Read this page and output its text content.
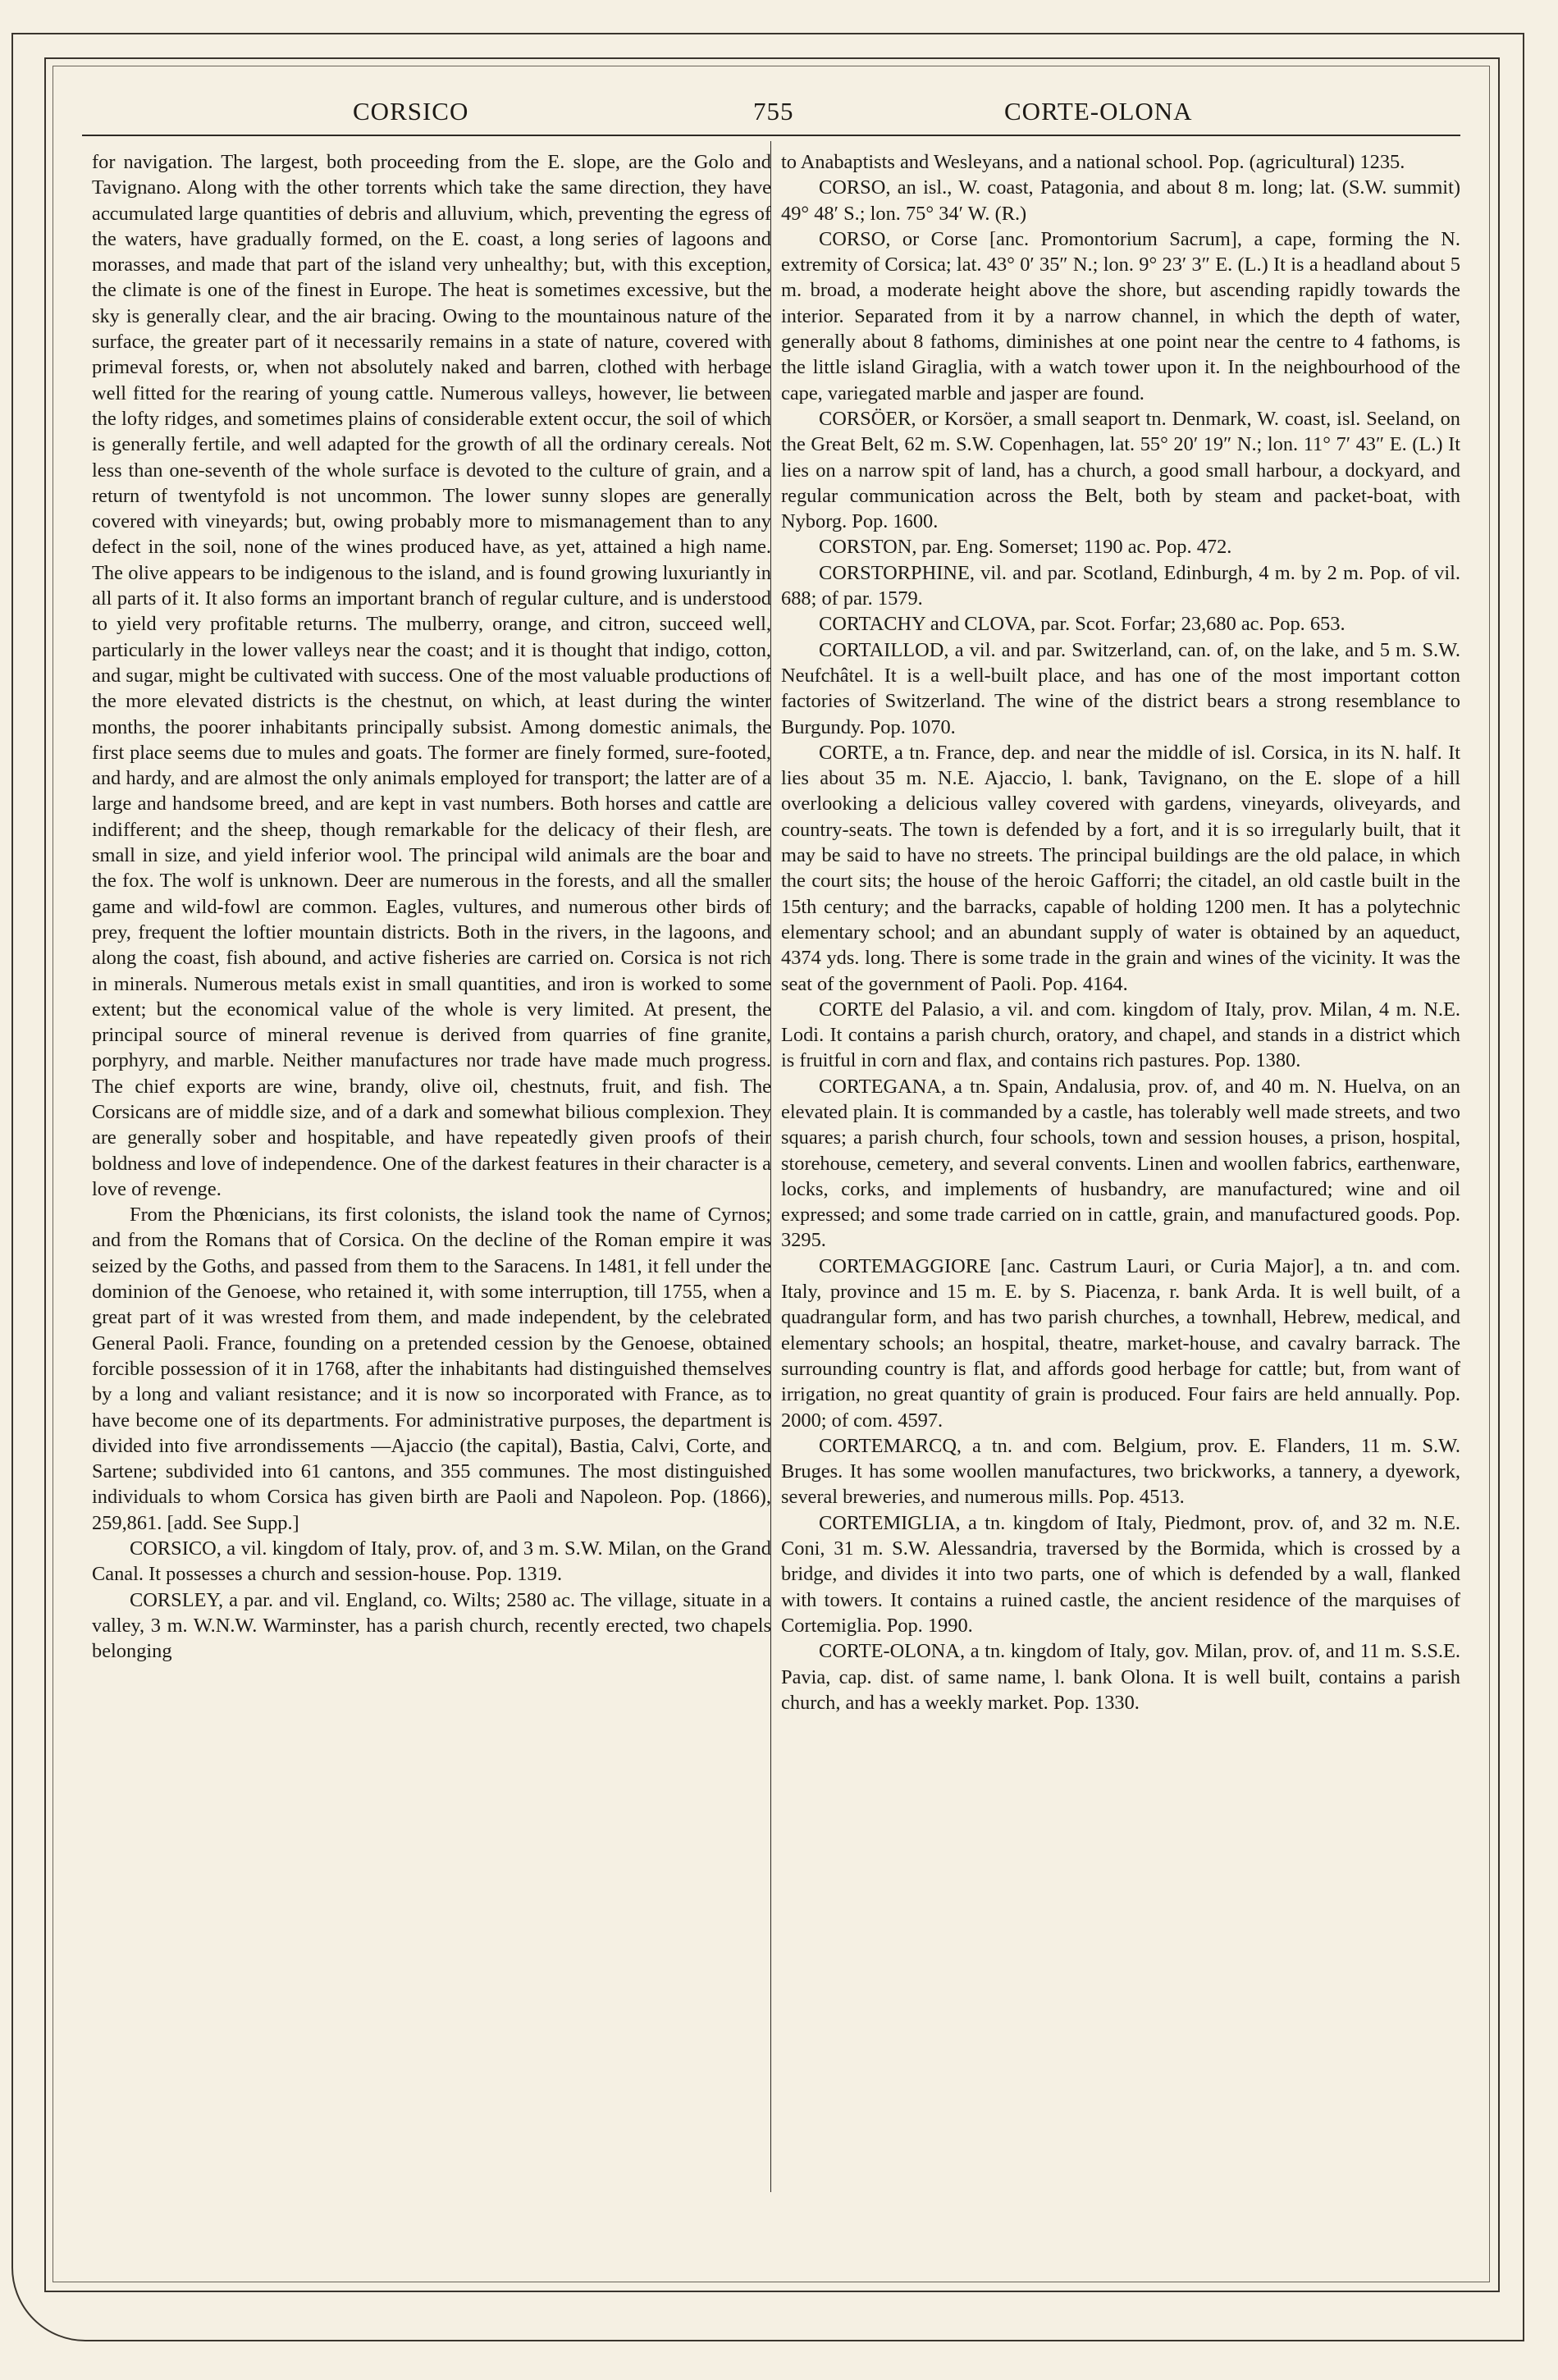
CORSICO	755	CORTE-OLONA

for navigation. The largest, both proceeding from the E. slope, are the Golo and Tavignano. Along with the other torrents which take the same direction, they have accumulated large quantities of debris and alluvium, which, preventing the egress of the waters, have gradually formed, on the E. coast, a long series of lagoons and morasses, and made that part of the island very unhealthy; but, with this exception, the climate is one of the finest in Europe. The heat is sometimes excessive, but the sky is generally clear, and the air bracing. Owing to the mountainous nature of the surface, the greater part of it necessarily remains in a state of nature, covered with primeval forests, or, when not absolutely naked and barren, clothed with herbage well fitted for the rearing of young cattle. Numerous valleys, however, lie between the lofty ridges, and sometimes plains of considerable extent occur, the soil of which is generally fertile, and well adapted for the growth of all the ordinary cereals. Not less than one-seventh of the whole surface is devoted to the culture of grain, and a return of twentyfold is not uncommon. The lower sunny slopes are generally covered with vineyards; but, owing probably more to mismanagement than to any defect in the soil, none of the wines produced have, as yet, attained a high name. The olive appears to be indigenous to the island, and is found growing luxuriantly in all parts of it. It also forms an important branch of regular culture, and is understood to yield very profitable returns. The mulberry, orange, and citron, succeed well, particularly in the lower valleys near the coast; and it is thought that indigo, cotton, and sugar, might be cultivated with success. One of the most valuable productions of the more elevated districts is the chestnut, on which, at least during the winter months, the poorer inhabitants principally subsist. Among domestic animals, the first place seems due to mules and goats. The former are finely formed, sure-footed, and hardy, and are almost the only animals employed for transport; the latter are of a large and handsome breed, and are kept in vast numbers. Both horses and cattle are indifferent; and the sheep, though remarkable for the delicacy of their flesh, are small in size, and yield inferior wool. The principal wild animals are the boar and the fox. The wolf is unknown. Deer are numerous in the forests, and all the smaller game and wild-fowl are common. Eagles, vultures, and numerous other birds of prey, frequent the loftier mountain districts. Both in the rivers, in the lagoons, and along the coast, fish abound, and active fisheries are carried on. Corsica is not rich in minerals. Numerous metals exist in small quantities, and iron is worked to some extent; but the economical value of the whole is very limited. At present, the principal source of mineral revenue is derived from quarries of fine granite, porphyry, and marble. Neither manufactures nor trade have made much progress. The chief exports are wine, brandy, olive oil, chestnuts, fruit, and fish. The Corsicans are of middle size, and of a dark and somewhat bilious complexion. They are generally sober and hospitable, and have repeatedly given proofs of their boldness and love of independence. One of the darkest features in their character is a love of revenge.

From the Phœnicians, its first colonists, the island took the name of Cyrnos; and from the Romans that of Corsica. On the decline of the Roman empire it was seized by the Goths, and passed from them to the Saracens. In 1481, it fell under the dominion of the Genoese, who retained it, with some interruption, till 1755, when a great part of it was wrested from them, and made independent, by the celebrated General Paoli. France, founding on a pretended cession by the Genoese, obtained forcible possession of it in 1768, after the inhabitants had distinguished themselves by a long and valiant resistance; and it is now so incorporated with France, as to have become one of its departments. For administrative purposes, the department is divided into five arrondissements —Ajaccio (the capital), Bastia, Calvi, Corte, and Sartene; subdivided into 61 cantons, and 355 communes. The most distinguished individuals to whom Corsica has given birth are Paoli and Napoleon. Pop. (1866), 259,861. [add. See Supp.]

CORSICO, a vil. kingdom of Italy, prov. of, and 3 m. S.W. Milan, on the Grand Canal. It possesses a church and session-house. Pop. 1319.

CORSLEY, a par. and vil. England, co. Wilts; 2580 ac. The village, situate in a valley, 3 m. W.N.W. Warminster, has a parish church, recently erected, two chapels belonging

to Anabaptists and Wesleyans, and a national school. Pop. (agricultural) 1235.

CORSO, an isl., W. coast, Patagonia, and about 8 m. long; lat. (S.W. summit) 49° 48′ S.; lon. 75° 34′ W. (R.)

CORSO, or Corse [anc. Promontorium Sacrum], a cape, forming the N. extremity of Corsica; lat. 43° 0′ 35″ N.; lon. 9° 23′ 3″ E. (L.) It is a headland about 5 m. broad, a moderate height above the shore, but ascending rapidly towards the interior. Separated from it by a narrow channel, in which the depth of water, generally about 8 fathoms, diminishes at one point near the centre to 4 fathoms, is the little island Giraglia, with a watch tower upon it. In the neighbourhood of the cape, variegated marble and jasper are found.

CORSÖER, or Korsöer, a small seaport tn. Denmark, W. coast, isl. Seeland, on the Great Belt, 62 m. S.W. Copenhagen, lat. 55° 20′ 19″ N.; lon. 11° 7′ 43″ E. (L.) It lies on a narrow spit of land, has a church, a good small harbour, a dockyard, and regular communication across the Belt, both by steam and packet-boat, with Nyborg. Pop. 1600.

CORSTON, par. Eng. Somerset; 1190 ac. Pop. 472.

CORSTORPHINE, vil. and par. Scotland, Edinburgh, 4 m. by 2 m. Pop. of vil. 688; of par. 1579.

CORTACHY and CLOVA, par. Scot. Forfar; 23,680 ac. Pop. 653.

CORTAILLOD, a vil. and par. Switzerland, can. of, on the lake, and 5 m. S.W. Neufchâtel. It is a well-built place, and has one of the most important cotton factories of Switzerland. The wine of the district bears a strong resemblance to Burgundy. Pop. 1070.

CORTE, a tn. France, dep. and near the middle of isl. Corsica, in its N. half. It lies about 35 m. N.E. Ajaccio, l. bank, Tavignano, on the E. slope of a hill overlooking a delicious valley covered with gardens, vineyards, oliveyards, and country-seats. The town is defended by a fort, and it is so irregularly built, that it may be said to have no streets. The principal buildings are the old palace, in which the court sits; the house of the heroic Gafforri; the citadel, an old castle built in the 15th century; and the barracks, capable of holding 1200 men. It has a polytechnic elementary school; and an abundant supply of water is obtained by an aqueduct, 4374 yds. long. There is some trade in the grain and wines of the vicinity. It was the seat of the government of Paoli. Pop. 4164.

CORTE del Palasio, a vil. and com. kingdom of Italy, prov. Milan, 4 m. N.E. Lodi. It contains a parish church, oratory, and chapel, and stands in a district which is fruitful in corn and flax, and contains rich pastures. Pop. 1380.

CORTEGANA, a tn. Spain, Andalusia, prov. of, and 40 m. N. Huelva, on an elevated plain. It is commanded by a castle, has tolerably well made streets, and two squares; a parish church, four schools, town and session houses, a prison, hospital, storehouse, cemetery, and several convents. Linen and woollen fabrics, earthenware, locks, corks, and implements of husbandry, are manufactured; wine and oil expressed; and some trade carried on in cattle, grain, and manufactured goods. Pop. 3295.

CORTEMAGGIORE [anc. Castrum Lauri, or Curia Major], a tn. and com. Italy, province and 15 m. E. by S. Piacenza, r. bank Arda. It is well built, of a quadrangular form, and has two parish churches, a townhall, Hebrew, medical, and elementary schools; an hospital, theatre, market-house, and cavalry barrack. The surrounding country is flat, and affords good herbage for cattle; but, from want of irrigation, no great quantity of grain is produced. Four fairs are held annually. Pop. 2000; of com. 4597.

CORTEMARCQ, a tn. and com. Belgium, prov. E. Flanders, 11 m. S.W. Bruges. It has some woollen manufactures, two brickworks, a tannery, a dyework, several breweries, and numerous mills. Pop. 4513.

CORTEMIGLIA, a tn. kingdom of Italy, Piedmont, prov. of, and 32 m. N.E. Coni, 31 m. S.W. Alessandria, traversed by the Bormida, which is crossed by a bridge, and divides it into two parts, one of which is defended by a wall, flanked with towers. It contains a ruined castle, the ancient residence of the marquises of Cortemiglia. Pop. 1990.

CORTE-OLONA, a tn. kingdom of Italy, gov. Milan, prov. of, and 11 m. S.S.E. Pavia, cap. dist. of same name, l. bank Olona. It is well built, contains a parish church, and has a weekly market. Pop. 1330.
